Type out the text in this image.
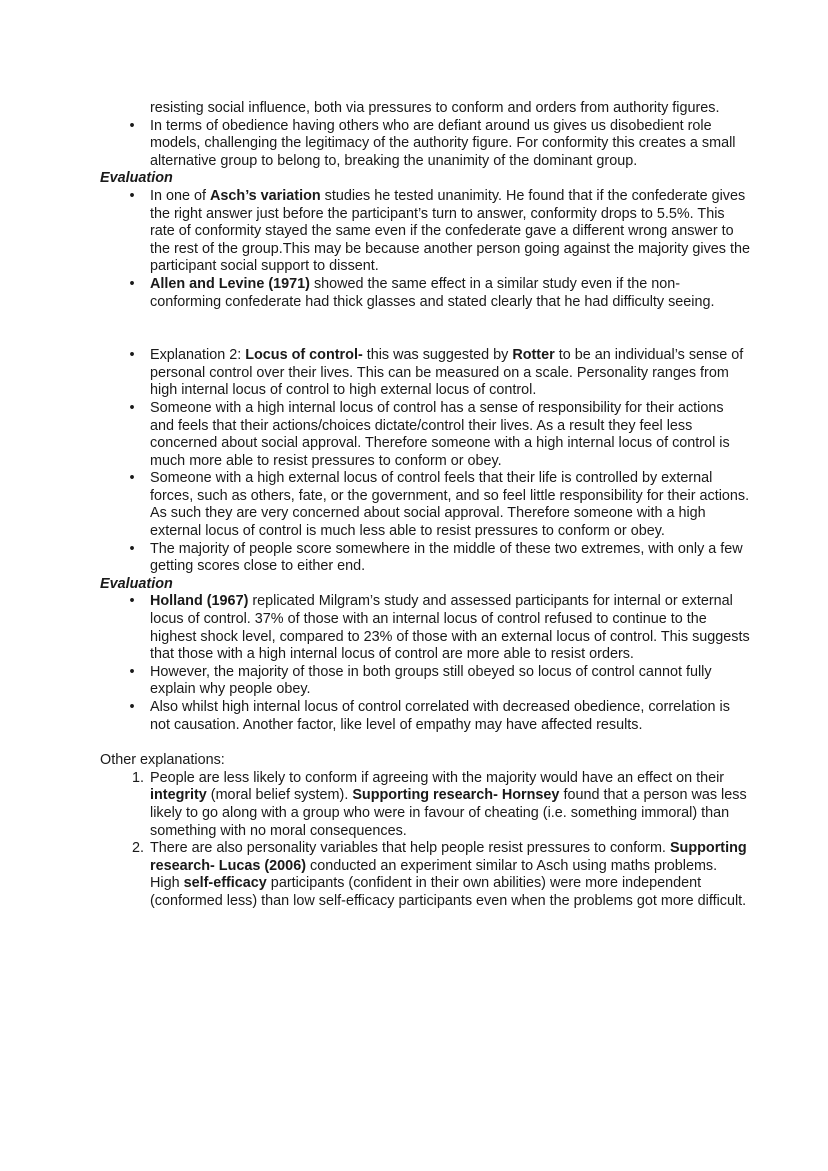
resisting social influence, both via pressures to conform and orders from authority figures.
• In terms of obedience having others who are defiant around us gives us disobedient role models, challenging the legitimacy of the authority figure. For conformity this creates a small alternative group to belong to, breaking the unanimity of the dominant group.
Evaluation
• In one of Asch’s variation studies he tested unanimity. He found that if the confederate gives the right answer just before the participant’s turn to answer, conformity drops to 5.5%. This rate of conformity stayed the same even if the confederate gave a different wrong answer to the rest of the group.This may be because another person going against the majority gives the participant social support to dissent.
• Allen and Levine (1971) showed the same effect in a similar study even if the non-conforming confederate had thick glasses and stated clearly that he had difficulty seeing.
• Explanation 2: Locus of control- this was suggested by Rotter to be an individual’s sense of personal control over their lives. This can be measured on a scale. Personality ranges from high internal locus of control to high external locus of control.
• Someone with a high internal locus of control has a sense of responsibility for their actions and feels that their actions/choices dictate/control their lives. As a result they feel less concerned about social approval. Therefore someone with a high internal locus of control is much more able to resist pressures to conform or obey.
• Someone with a high external locus of control feels that their life is controlled by external forces, such as others, fate, or the government, and so feel little responsibility for their actions. As such they are very concerned about social approval. Therefore someone with a high external locus of control is much less able to resist pressures to conform or obey.
• The majority of people score somewhere in the middle of these two extremes, with only a few getting scores close to either end.
Evaluation
• Holland (1967) replicated Milgram’s study and assessed participants for internal or external locus of control. 37% of those with an internal locus of control refused to continue to the highest shock level, compared to 23% of those with an external locus of control. This suggests that those with a high internal locus of control are more able to resist orders.
• However, the majority of those in both groups still obeyed so locus of control cannot fully explain why people obey.
• Also whilst high internal locus of control correlated with decreased obedience, correlation is not causation. Another factor, like level of empathy may have affected results.
Other explanations:
1. People are less likely to conform if agreeing with the majority would have an effect on their integrity (moral belief system). Supporting research- Hornsey found that a person was less likely to go along with a group who were in favour of cheating (i.e. something immoral) than something with no moral consequences.
2. There are also personality variables that help people resist pressures to conform. Supporting research- Lucas (2006) conducted an experiment similar to Asch using maths problems. High self-efficacy participants (confident in their own abilities) were more independent (conformed less) than low self-efficacy participants even when the problems got more difficult.
